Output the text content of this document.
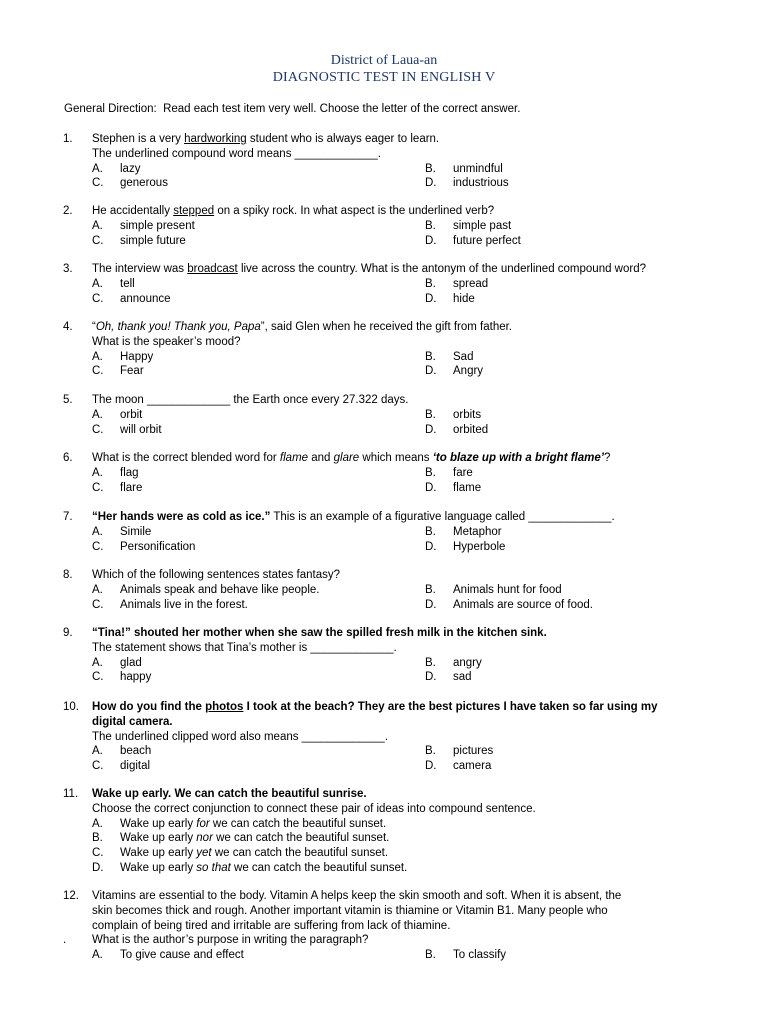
District of Laua-an
DIAGNOSTIC TEST IN ENGLISH V
General Direction: Read each test item very well. Choose the letter of the correct answer.
1. Stephen is a very hardworking student who is always eager to learn.
The underlined compound word means _____________.
A. lazy	B. unmindful
C. generous	D. industrious
2. He accidentally stepped on a spiky rock. In what aspect is the underlined verb?
A. simple present	B. simple past
C. simple future	D. future perfect
3. The interview was broadcast live across the country. What is the antonym of the underlined compound word?
A. tell	B. spread
C. announce	D. hide
4. “Oh, thank you! Thank you, Papa”, said Glen when he received the gift from father.
What is the speaker’s mood?
A. Happy	B. Sad
C. Fear	D. Angry
5. The moon _____________ the Earth once every 27.322 days.
A. orbit	B. orbits
C. will orbit	D. orbited
6. What is the correct blended word for flame and glare which means ‘to blaze up with a bright flame’?
A. flag	B. fare
C. flare	D. flame
7. “Her hands were as cold as ice.” This is an example of a figurative language called _____________.
A. Simile	B. Metaphor
C. Personification	D. Hyperbole
8. Which of the following sentences states fantasy?
A. Animals speak and behave like people.	B. Animals hunt for food
C. Animals live in the forest.	D. Animals are source of food.
9. “Tina!” shouted her mother when she saw the spilled fresh milk in the kitchen sink.
The statement shows that Tina’s mother is _____________.
A. glad	B. angry
C. happy	D. sad
10. How do you find the photos I took at the beach? They are the best pictures I have taken so far using my
digital camera.
The underlined clipped word also means _____________.
A. beach	B. pictures
C. digital	D. camera
11. Wake up early. We can catch the beautiful sunrise.
Choose the correct conjunction to connect these pair of ideas into compound sentence.
A. Wake up early for we can catch the beautiful sunset.
B. Wake up early nor we can catch the beautiful sunset.
C. Wake up early yet we can catch the beautiful sunset.
D. Wake up early so that we can catch the beautiful sunset.
12. Vitamins are essential to the body. Vitamin A helps keep the skin smooth and soft. When it is absent, the
skin becomes thick and rough. Another important vitamin is thiamine or Vitamin B1. Many people who
complain of being tired and irritable are suffering from lack of thiamine.
. What is the author’s purpose in writing the paragraph?
A. To give cause and effect	B. To classify
